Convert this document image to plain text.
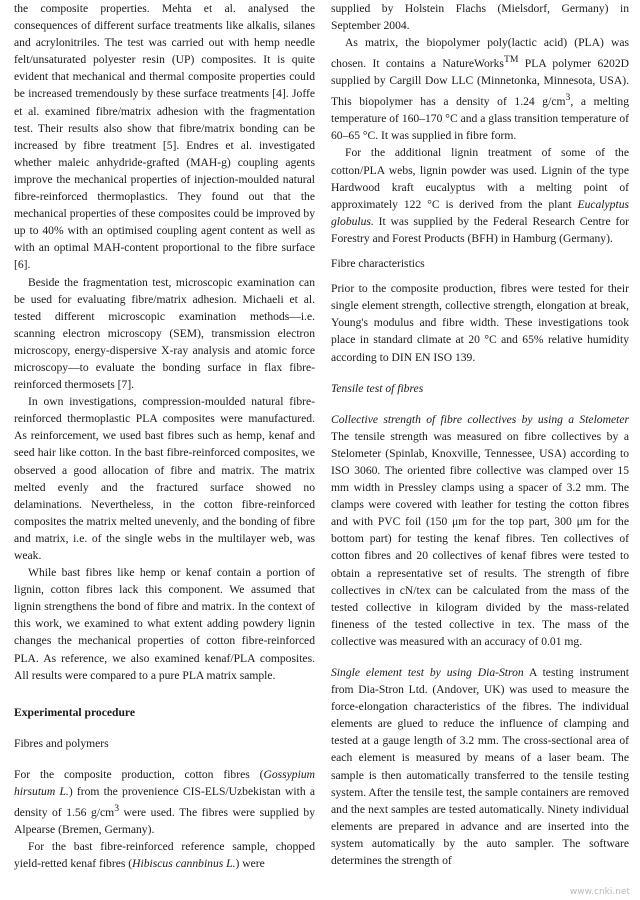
the composite properties. Mehta et al. analysed the consequences of different surface treatments like alkalis, silanes and acrylonitriles. The test was carried out with hemp needle felt/unsaturated polyester resin (UP) composites. It is quite evident that mechanical and thermal composite properties could be increased tremendously by these surface treatments [4]. Joffe et al. examined fibre/matrix adhesion with the fragmentation test. Their results also show that fibre/matrix bonding can be increased by fibre treatment [5]. Endres et al. investigated whether maleic anhydride-grafted (MAH-g) coupling agents improve the mechanical properties of injection-moulded natural fibre-reinforced thermoplastics. They found out that the mechanical properties of these composites could be improved by up to 40% with an optimised coupling agent content as well as with an optimal MAH-content proportional to the fibre surface [6].

Beside the fragmentation test, microscopic examination can be used for evaluating fibre/matrix adhesion. Michaeli et al. tested different microscopic examination methods—i.e. scanning electron microscopy (SEM), transmission electron microscopy, energy-dispersive X-ray analysis and atomic force microscopy—to evaluate the bonding surface in flax fibre-reinforced thermosets [7].

In own investigations, compression-moulded natural fibre-reinforced thermoplastic PLA composites were manufactured. As reinforcement, we used bast fibres such as hemp, kenaf and seed hair like cotton. In the bast fibre-reinforced composites, we observed a good allocation of fibre and matrix. The matrix melted evenly and the fractured surface showed no delaminations. Nevertheless, in the cotton fibre-reinforced composites the matrix melted unevenly, and the bonding of fibre and matrix, i.e. of the single webs in the multilayer web, was weak.

While bast fibres like hemp or kenaf contain a portion of lignin, cotton fibres lack this component. We assumed that lignin strengthens the bond of fibre and matrix. In the context of this work, we examined to what extent adding powdery lignin changes the mechanical properties of cotton fibre-reinforced PLA. As reference, we also examined kenaf/PLA composites. All results were compared to a pure PLA matrix sample.

Experimental procedure

Fibres and polymers

For the composite production, cotton fibres (Gossypium hirsutum L.) from the provenience CIS-ELS/Uzbekistan with a density of 1.56 $g/cm^3$ were used. The fibres were supplied by Alpearse (Bremen, Germany).

For the bast fibre-reinforced reference sample, chopped yield-retted kenaf fibres (Hibiscus cannbinus L.) were

supplied by Holstein Flachs (Mielsdorf, Germany) in September 2004.

As matrix, the biopolymer poly(lactic acid) (PLA) was chosen. It contains a NatureWorks™ PLA polymer 6202D supplied by Cargill Dow LLC (Minnetonka, Minnesota, USA). This biopolymer has a density of 1.24 $g/cm^3$, a melting temperature of 160–170 °C and a glass transition temperature of 60–65 °C. It was supplied in fibre form.

For the additional lignin treatment of some of the cotton/PLA webs, lignin powder was used. Lignin of the type Hardwood kraft eucalyptus with a melting point of approximately 122 °C is derived from the plant Eucalyptus globulus. It was supplied by the Federal Research Centre for Forestry and Forest Products (BFH) in Hamburg (Germany).

Fibre characteristics

Prior to the composite production, fibres were tested for their single element strength, collective strength, elongation at break, Young's modulus and fibre width. These investigations took place in standard climate at 20 °C and 65% relative humidity according to DIN EN ISO 139.

Tensile test of fibres

Collective strength of fibre collectives by using a Stelometer The tensile strength was measured on fibre collectives by a Stelometer (Spinlab, Knoxville, Tennessee, USA) according to ISO 3060. The oriented fibre collective was clamped over 15 mm width in Pressley clamps using a spacer of 3.2 mm. The clamps were covered with leather for testing the cotton fibres and with PVC foil (150 μm for the top part, 300 μm for the bottom part) for testing the kenaf fibres. Ten collectives of cotton fibres and 20 collectives of kenaf fibres were tested to obtain a representative set of results. The strength of fibre collectives in cN/tex can be calculated from the mass of the tested collective in kilogram divided by the mass-related fineness of the tested collective in tex. The mass of the collective was measured with an accuracy of 0.01 mg.

Single element test by using Dia-Stron A testing instrument from Dia-Stron Ltd. (Andover, UK) was used to measure the force-elongation characteristics of the fibres. The individual elements are glued to reduce the influence of clamping and tested at a gauge length of 3.2 mm. The cross-sectional area of each element is measured by means of a laser beam. The sample is then automatically transferred to the tensile testing system. After the tensile test, the sample containers are removed and the next samples are tested automatically. Ninety individual elements are prepared in advance and are inserted into the system automatically by the auto sampler. The software determines the strength of

www.cnki.net
